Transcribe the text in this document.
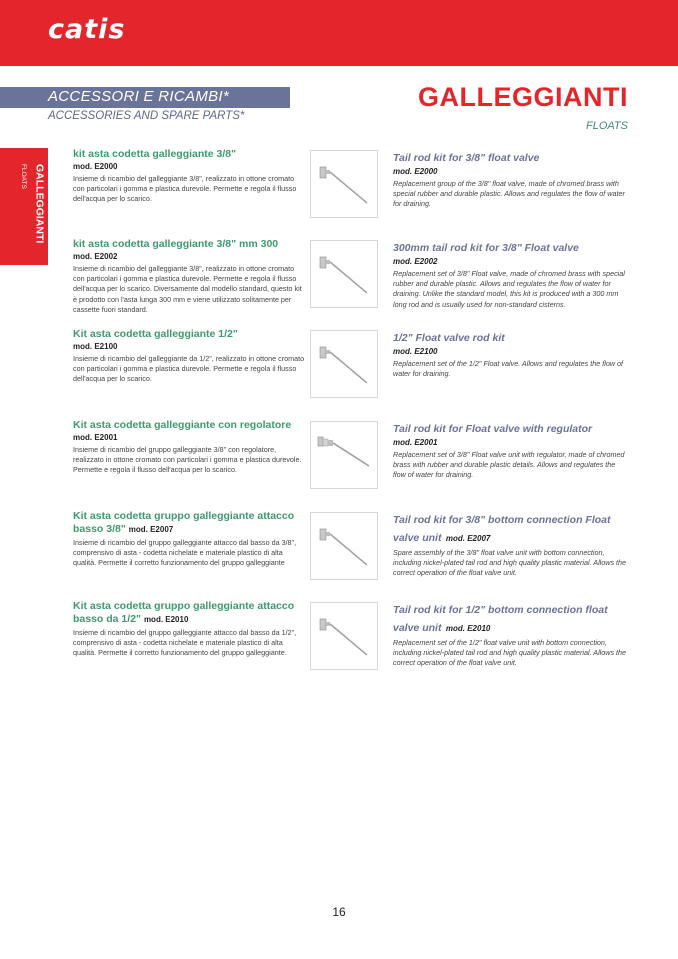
catis
ACCESSORI E RICAMBI*
ACCESSORIES AND SPARE PARTS*
GALLEGGIANTI
FLOATS
GALLEGGIANTI
FLOATS
kit asta codetta galleggiante 3/8"
mod. E2000
Insieme di ricambio del galleggiante 3/8", realizzato in ottone cromato con particolari i gomma e plastica durevole. Permette e regola il flusso dell'acqua per lo scarico.
Tail rod kit for 3/8" float valve
mod. E2000
Replacement group of the 3/8" float valve, made of chromed brass with special rubber and durable plastic. Allows and regulates the flow of water for draining.
kit asta codetta galleggiante 3/8" mm 300
mod. E2002
Insieme di ricambio del galleggiante 3/8", realizzato in ottone cromato con particolari i gomma e plastica durevole. Permette e regola il flusso dell'acqua per lo scarico. Diversamente dal modello standard, questo kit è prodotto con l'asta lunga 300 mm e viene utilizzato solitamente per cassette fuori standard.
300mm tail rod kit for 3/8" Float valve
mod. E2002
Replacement set of 3/8" Float valve, made of chromed brass with special rubber and durable plastic. Allows and regulates the flow of water for draining. Unlike the standard model, this kit is produced with a 300 mm long rod and is usually used for non-standard cisterns.
Kit asta codetta galleggiante 1/2"
mod. E2100
Insieme di ricambio del galleggiante da 1/2", realizzato in ottone cromato con particolari i gomma e plastica durevole. Permette e regola il flusso dell'acqua per lo scarico.
1/2" Float valve rod kit
mod. E2100
Replacement set of the 1/2" Float valve. Allows and regulates the flow of water for draining.
Kit asta codetta galleggiante con regolatore
mod. E2001
Insieme di ricambio del gruppo galleggiante 3/8" con regolatore, realizzato in ottone cromato con particolari i gomma e plastica durevole. Permette e regola il flusso dell'acqua per lo scarico.
Tail rod kit for Float valve with regulator
mod. E2001
Replacement set of 3/8" Float valve unit with regulator, made of chromed brass with rubber and durable plastic details. Allows and regulates the flow of water for draining.
Kit asta codetta gruppo galleggiante attacco basso 3/8" mod. E2007
Insieme di ricambio del gruppo galleggiante attacco dal basso da 3/8", comprensivo di asta - codetta nichelate e materiale plastico di alta qualità. Permette il corretto funzionamento del gruppo galleggiante
Tail rod kit for 3/8" bottom connection Float valve unit mod. E2007
Spare assembly of the 3/8" float valve unit with bottom connection, including nickel-plated tail rod and high quality plastic material. Allows the correct operation of the float valve unit.
Kit asta codetta gruppo galleggiante attacco basso da 1/2" mod. E2010
Insieme di ricambio del gruppo galleggiante attacco dal basso da 1/2", comprensivo di asta - codetta nichelate e materiale plastico di alta qualità. Permette il corretto funzionamento del gruppo galleggiante.
Tail rod kit for 1/2" bottom connection float valve unit mod. E2010
Replacement set of the 1/2" float valve unit with bottom connection, including nickel-plated tail rod and high quality plastic material. Allows the correct operation of the float valve unit.
16
